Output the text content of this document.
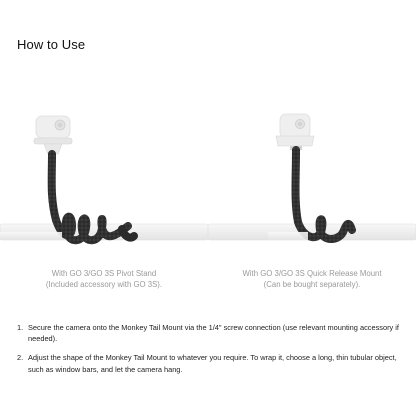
How to Use
With GO 3/GO 3S Pivot Stand
(Included accessory with GO 3S).
With GO 3/GO 3S Quick Release Mount
(Can be bought separately).
1. Secure the camera onto the Monkey Tail Mount via the 1/4" screw connection (use relevant mounting accessory if needed).
2. Adjust the shape of the Monkey Tail Mount to whatever you require. To wrap it, choose a long, thin tubular object, such as window bars, and let the camera hang.
